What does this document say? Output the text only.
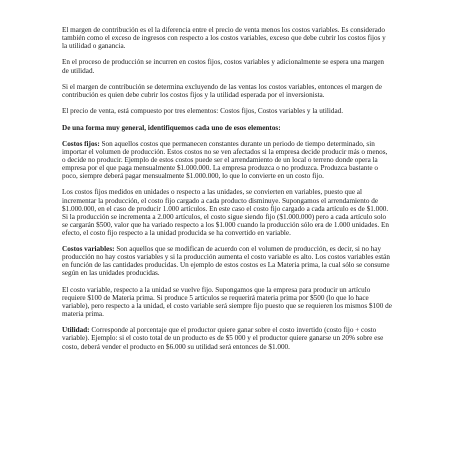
El margen de contribución es el la diferencia entre el precio de venta menos los costos variables. Es considerado también como el exceso de ingresos con respecto a los costos variables, exceso que debe cubrir los costos fijos y la utilidad o ganancia.

En el proceso de producción se incurren en costos fijos, costos variables y adicionalmente se espera una margen de utilidad.

Si el margen de contribución se determina excluyendo de las ventas los costos variables, entonces el margen de contribución es quien debe cubrir los costos fijos y la utilidad esperada por el inversionista.

El precio de venta, está compuesto por tres elementos: Costos fijos, Costos variables y la utilidad.

De una forma muy general, identifiquemos cada uno de esos elementos:

Costos fijos: Son aquellos costos que permanecen constantes durante un periodo de tiempo determinado, sin importar el volumen de producción. Estos costos no se ven afectados si la empresa decide producir más o menos, o decide no producir. Ejemplo de estos costos puede ser el arrendamiento de un local o terreno donde opera la empresa por el que paga mensualmente $1.000.000. La empresa produzca o no produzca. Produzca bastante o poco, siempre deberá pagar mensualmente $1.000.000, lo que lo convierte en un costo fijo.

Los costos fijos medidos en unidades o respecto a las unidades, se convierten en variables, puesto que al incrementar la producción, el costo fijo cargado a cada producto disminuye. Supongamos el arrendamiento de $1.000.000, en el caso de producir 1.000 artículos. En este caso el costo fijo cargado a cada artículo es de $1.000. Si la producción se incrementa a 2.000 artículos, el costo sigue siendo fijo ($1.000.000) pero a cada artículo solo se cargarán $500, valor que ha variado respecto a los $1.000 cuando la producción sólo era de 1.000 unidades. En efecto, el costo fijo respecto a la unidad producida se ha convertido en variable.

Costos variables: Son aquellos que se modifican de acuerdo con el volumen de producción, es decir, si no hay producción no hay costos variables y si la producción aumenta el costo variable es alto. Los costos variables están en función de las cantidades producidas. Un ejemplo de estos costos es La Materia prima, la cual sólo se consume según en las unidades producidas.

El costo variable, respecto a la unidad se vuelve fijo. Supongamos que la empresa para producir un artículo requiere $100 de Materia prima. Si produce 5 artículos se requerirá materia prima por $500 (lo que lo hace variable), pero respecto a la unidad, el costo variable será siempre fijo puesto que se requieren los mismos $100 de materia prima.

Utilidad: Corresponde al porcentaje que el productor quiere ganar sobre el costo invertido (costo fijo + costo variable). Ejemplo: si el costo total de un producto es de $5 000 y el productor quiere ganarse un 20% sobre ese costo, deberá vender el producto en $6.000 su utilidad será entonces de $1.000.
